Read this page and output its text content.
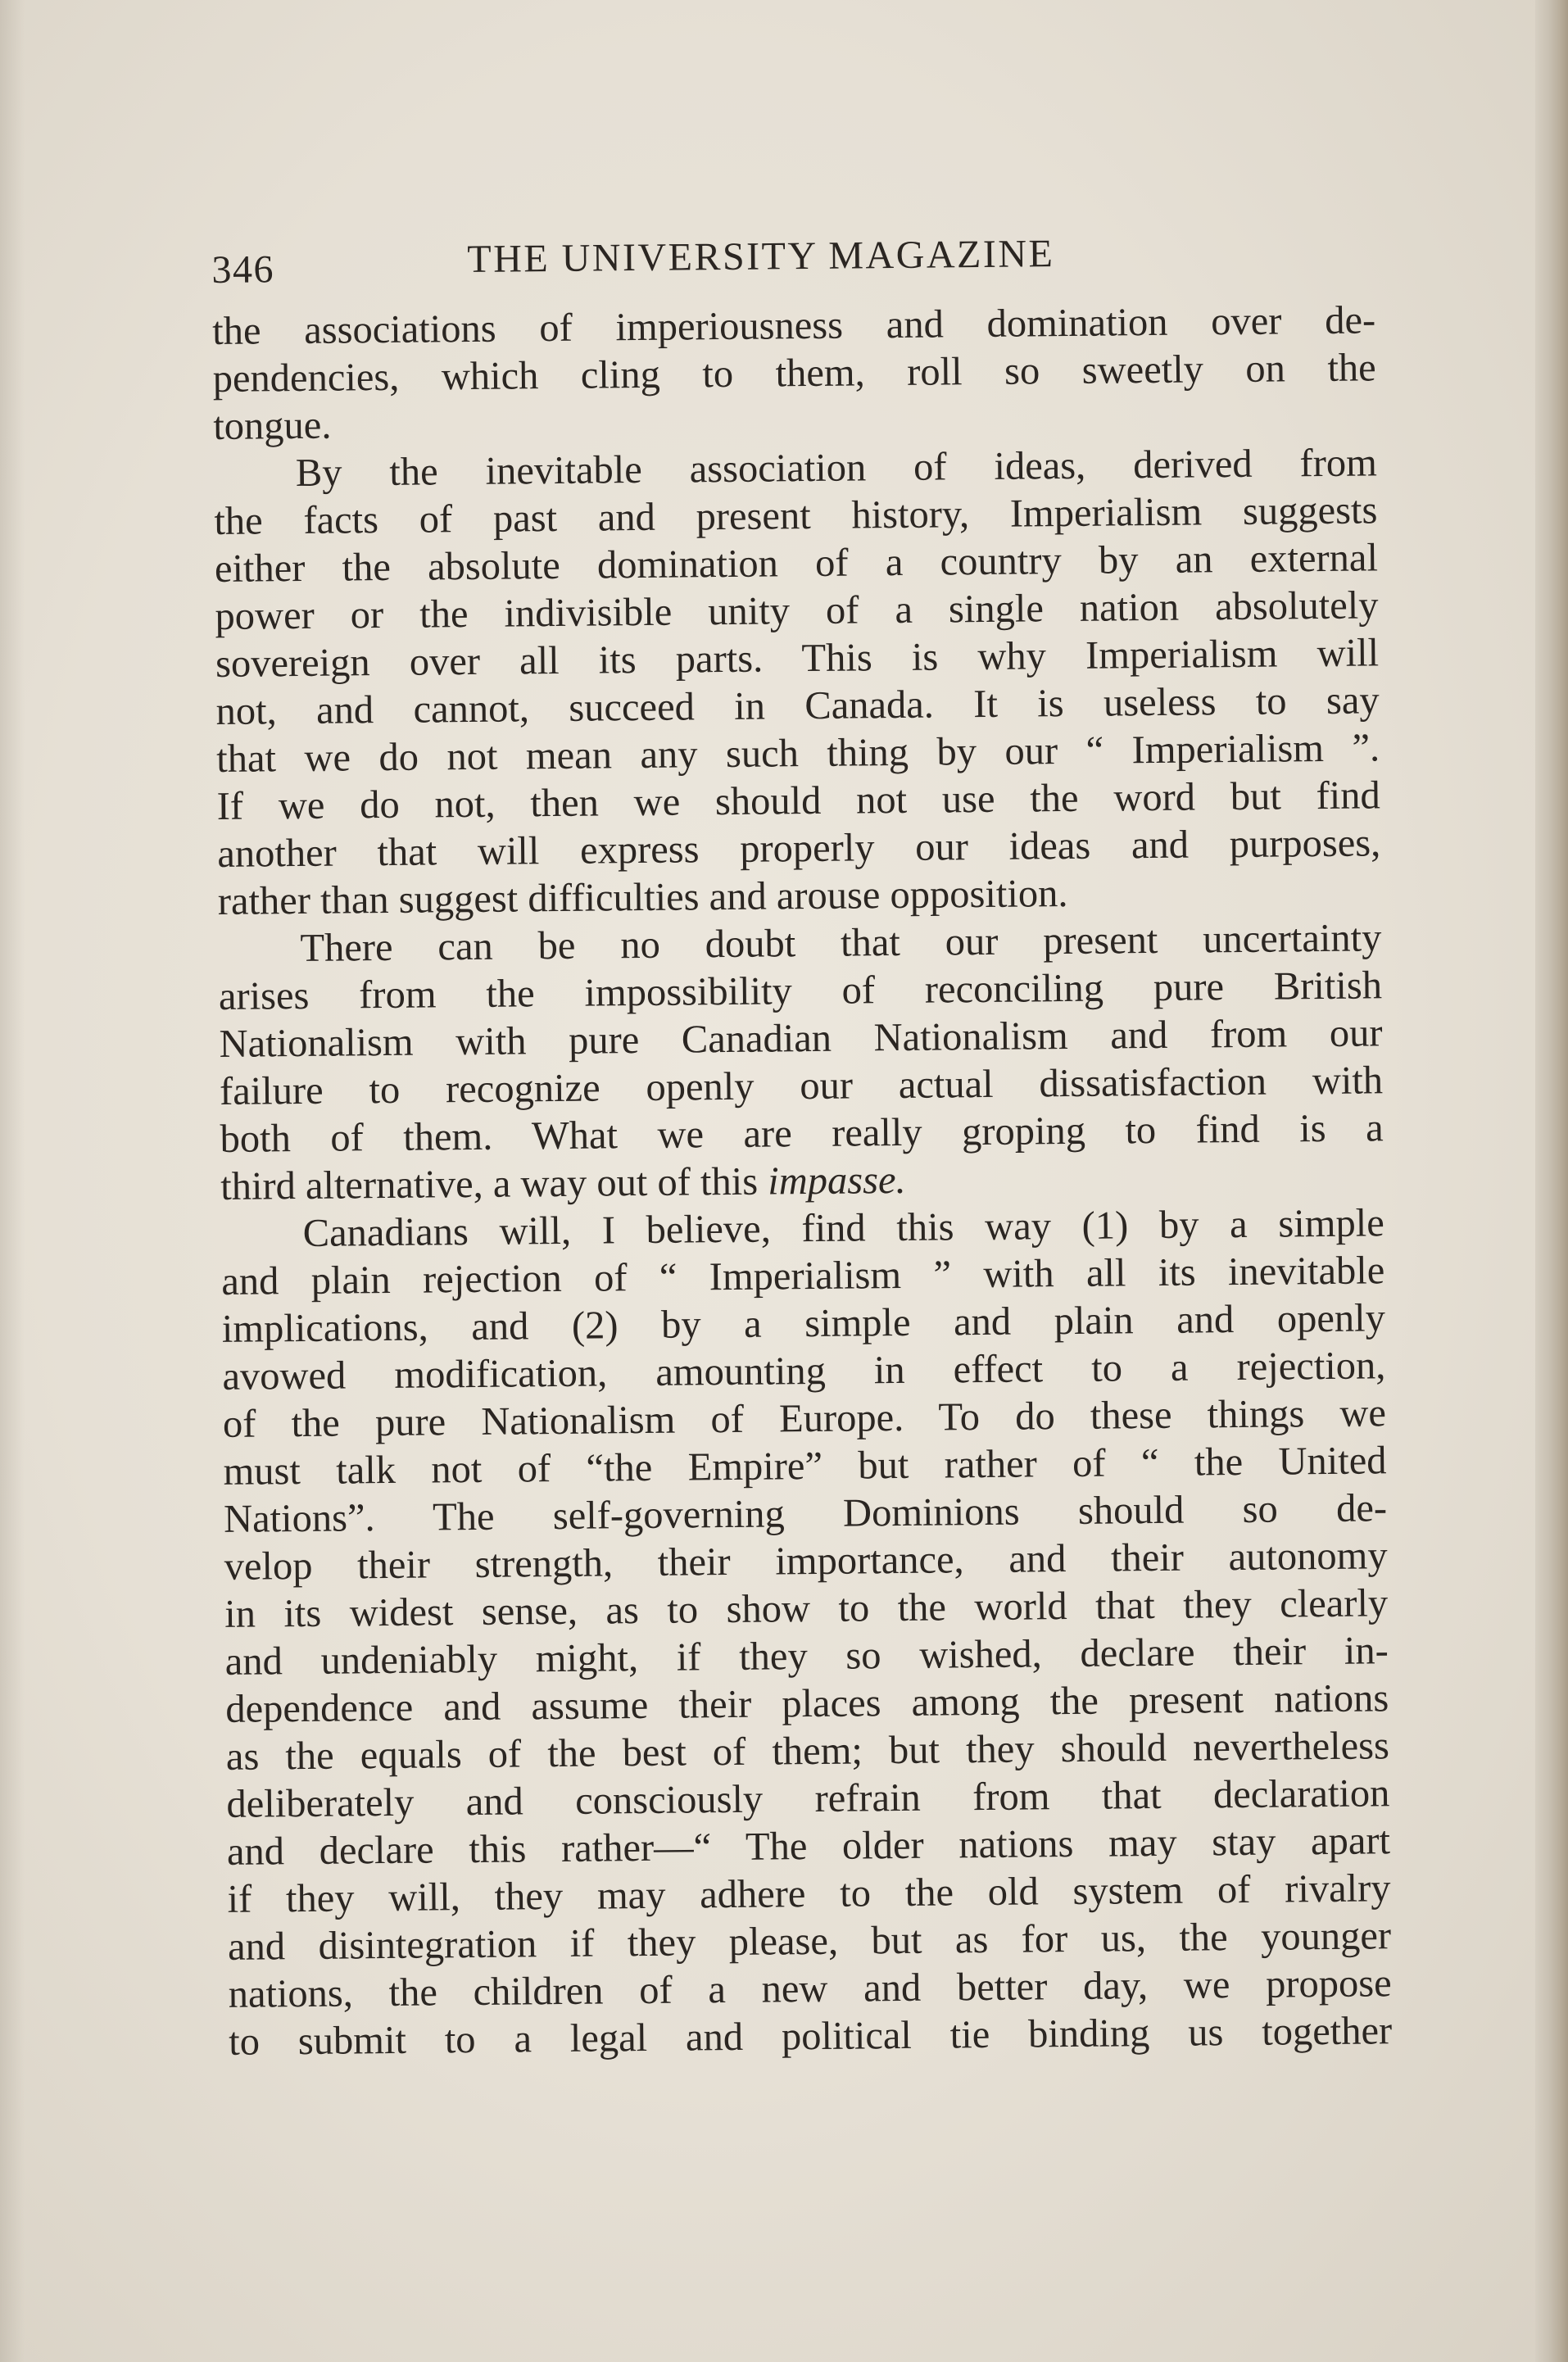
346	THE UNIVERSITY MAGAZINE
the associations of imperiousness and domination over de-
pendencies, which cling to them, roll so sweetly on the
tongue.
By the inevitable association of ideas, derived from
the facts of past and present history, Imperialism suggests
either the absolute domination of a country by an external
power or the indivisible unity of a single nation absolutely
sovereign over all its parts. This is why Imperialism will
not, and cannot, succeed in Canada. It is useless to say
that we do not mean any such thing by our “ Imperialism ”.
If we do not, then we should not use the word but find
another that will express properly our ideas and purposes,
rather than suggest difficulties and arouse opposition.
There can be no doubt that our present uncertainty
arises from the impossibility of reconciling pure British
Nationalism with pure Canadian Nationalism and from our
failure to recognize openly our actual dissatisfaction with
both of them. What we are really groping to find is a
third alternative, a way out of this impasse.
Canadians will, I believe, find this way (1) by a simple
and plain rejection of “ Imperialism ” with all its inevitable
implications, and (2) by a simple and plain and openly
avowed modification, amounting in effect to a rejection,
of the pure Nationalism of Europe. To do these things we
must talk not of “the Empire” but rather of “ the United
Nations”. The self-governing Dominions should so de-
velop their strength, their importance, and their autonomy
in its widest sense, as to show to the world that they clearly
and undeniably might, if they so wished, declare their in-
dependence and assume their places among the present nations
as the equals of the best of them; but they should nevertheless
deliberately and consciously refrain from that declaration
and declare this rather—“ The older nations may stay apart
if they will, they may adhere to the old system of rivalry
and disintegration if they please, but as for us, the younger
nations, the children of a new and better day, we propose
to submit to a legal and political tie binding us together
